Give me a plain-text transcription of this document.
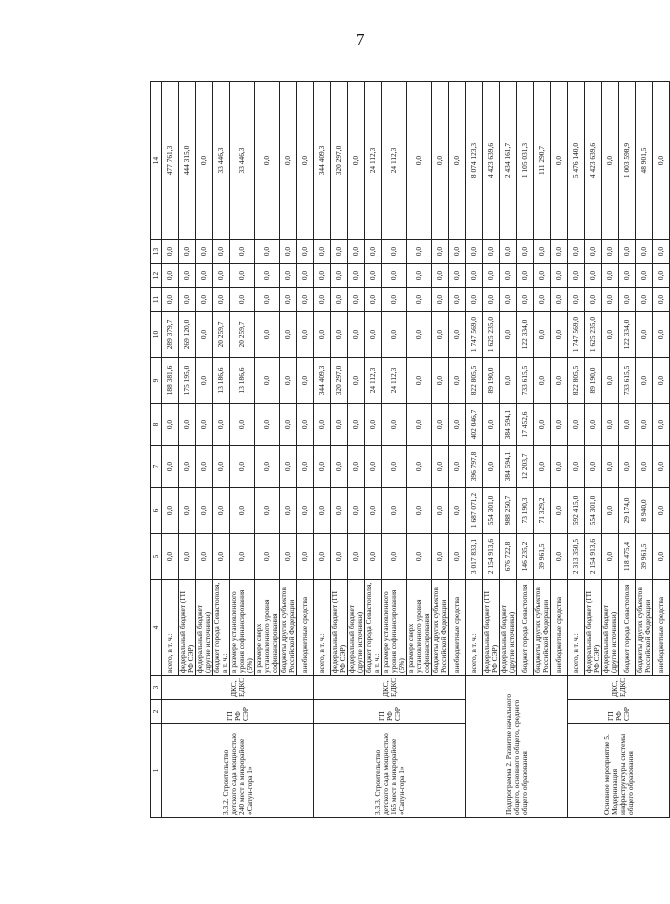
7
1	2	3	4	5	6	7	8	9	10	11	12	13	14
3.3.2. Строительство детского сада мощностью 240 мест в микрорайоне «Сапун-гора 1»	ГП РФ СЭР	ДКС, ЕДКС	всего, в т. ч.:	0,0	0,0	0,0	0,0	188 381,6	289 379,7	0,0	0,0	0,0	477 761,3
			федеральный бюджет (ГП РФ СЭР)	0,0	0,0	0,0	0,0	175 195,0	269 120,0	0,0	0,0	0,0	444 315,0
			федеральный бюджет (другие источники)	0,0	0,0	0,0	0,0	0,0	0,0	0,0	0,0	0,0	0,0
			бюджет города Севастополя, в т. ч.:	0,0	0,0	0,0	0,0	13 186,6	20 259,7	0,0	0,0	0,0	33 446,3
			в размере установленного уровня софинансирования (5%)	0,0	0,0	0,0	0,0	13 186,6	20 259,7	0,0	0,0	0,0	33 446,3
			в размере сверх установленного уровня софинансирования	0,0	0,0	0,0	0,0	0,0	0,0	0,0	0,0	0,0	0,0
			бюджеты других субъектов Российской Федерации	0,0	0,0	0,0	0,0	0,0	0,0	0,0	0,0	0,0	0,0
			внебюджетные средства	0,0	0,0	0,0	0,0	0,0	0,0	0,0	0,0	0,0	0,0
3.3.3. Строительство детского сада мощностью 165 мест в микрорайоне «Сапун-гора 1»	ГП РФ СЭР	ДКС, ЕДКС	всего, в т. ч.:	0,0	0,0	0,0	0,0	344 409,3	0,0	0,0	0,0	0,0	344 409,3
			федеральный бюджет (ГП РФ СЭР)	0,0	0,0	0,0	0,0	320 297,0	0,0	0,0	0,0	0,0	320 297,0
			федеральный бюджет (другие источники)	0,0	0,0	0,0	0,0	0,0	0,0	0,0	0,0	0,0	0,0
			бюджет города Севастополя, в т. ч.:	0,0	0,0	0,0	0,0	24 112,3	0,0	0,0	0,0	0,0	24 112,3
			в размере установленного уровня софинансирования (5%)	0,0	0,0	0,0	0,0	24 112,3	0,0	0,0	0,0	0,0	24 112,3
			в размере сверх установленного уровня софинансирования	0,0	0,0	0,0	0,0	0,0	0,0	0,0	0,0	0,0	0,0
			бюджеты других субъектов Российской Федерации	0,0	0,0	0,0	0,0	0,0	0,0	0,0	0,0	0,0	0,0
			внебюджетные средства	0,0	0,0	0,0	0,0	0,0	0,0	0,0	0,0	0,0	0,0
Подпрограмма 2. Развитие начального общего, основного общего, среднего общего образования			всего, в т. ч.:	3 017 833,1	1 687 071,2	396 797,8	402 046,7	822 805,5	1 747 569,0	0,0	0,0	0,0	8 074 123,3
			федеральный бюджет (ГП РФ СЭР)	2 154 913,6	554 301,0	0,0	0,0	89 190,0	1 625 235,0	0,0	0,0	0,0	4 423 639,6
			федеральный бюджет (другие источники)	676 722,8	988 250,7	384 594,1	384 594,1	0,0	0,0	0,0	0,0	0,0	2 434 161,7
			бюджет города Севастополя	146 235,2	73 190,3	12 203,7	17 452,6	733 615,5	122 334,0	0,0	0,0	0,0	1 105 031,3
			бюджеты других субъектов Российской Федерации	39 961,5	71 329,2	0,0	0,0	0,0	0,0	0,0	0,0	0,0	111 290,7
			внебюджетные средства	0,0	0,0	0,0	0,0	0,0	0,0	0,0	0,0	0,0	0,0
Основное мероприятие 5. Модернизация инфраструктуры системы общего образования	ГП РФ СЭР	ДКС, ЕДКС	всего, в т. ч.:	2 313 350,5	592 415,0	0,0	0,0	822 805,5	1 747 569,0	0,0	0,0	0,0	5 476 140,0
			федеральный бюджет (ГП РФ СЭР)	2 154 913,6	554 301,0	0,0	0,0	89 190,0	1 625 235,0	0,0	0,0	0,0	4 423 639,6
			федеральный бюджет (другие источники)	0,0	0,0	0,0	0,0	0,0	0,0	0,0	0,0	0,0	0,0
			бюджет города Севастополя	118 475,4	29 174,0	0,0	0,0	733 615,5	122 334,0	0,0	0,0	0,0	1 003 598,9
			бюджеты других субъектов Российской Федерации	39 961,5	8 940,0	0,0	0,0	0,0	0,0	0,0	0,0	0,0	48 901,5
			внебюджетные средства	0,0	0,0	0,0	0,0	0,0	0,0	0,0	0,0	0,0	0,0
